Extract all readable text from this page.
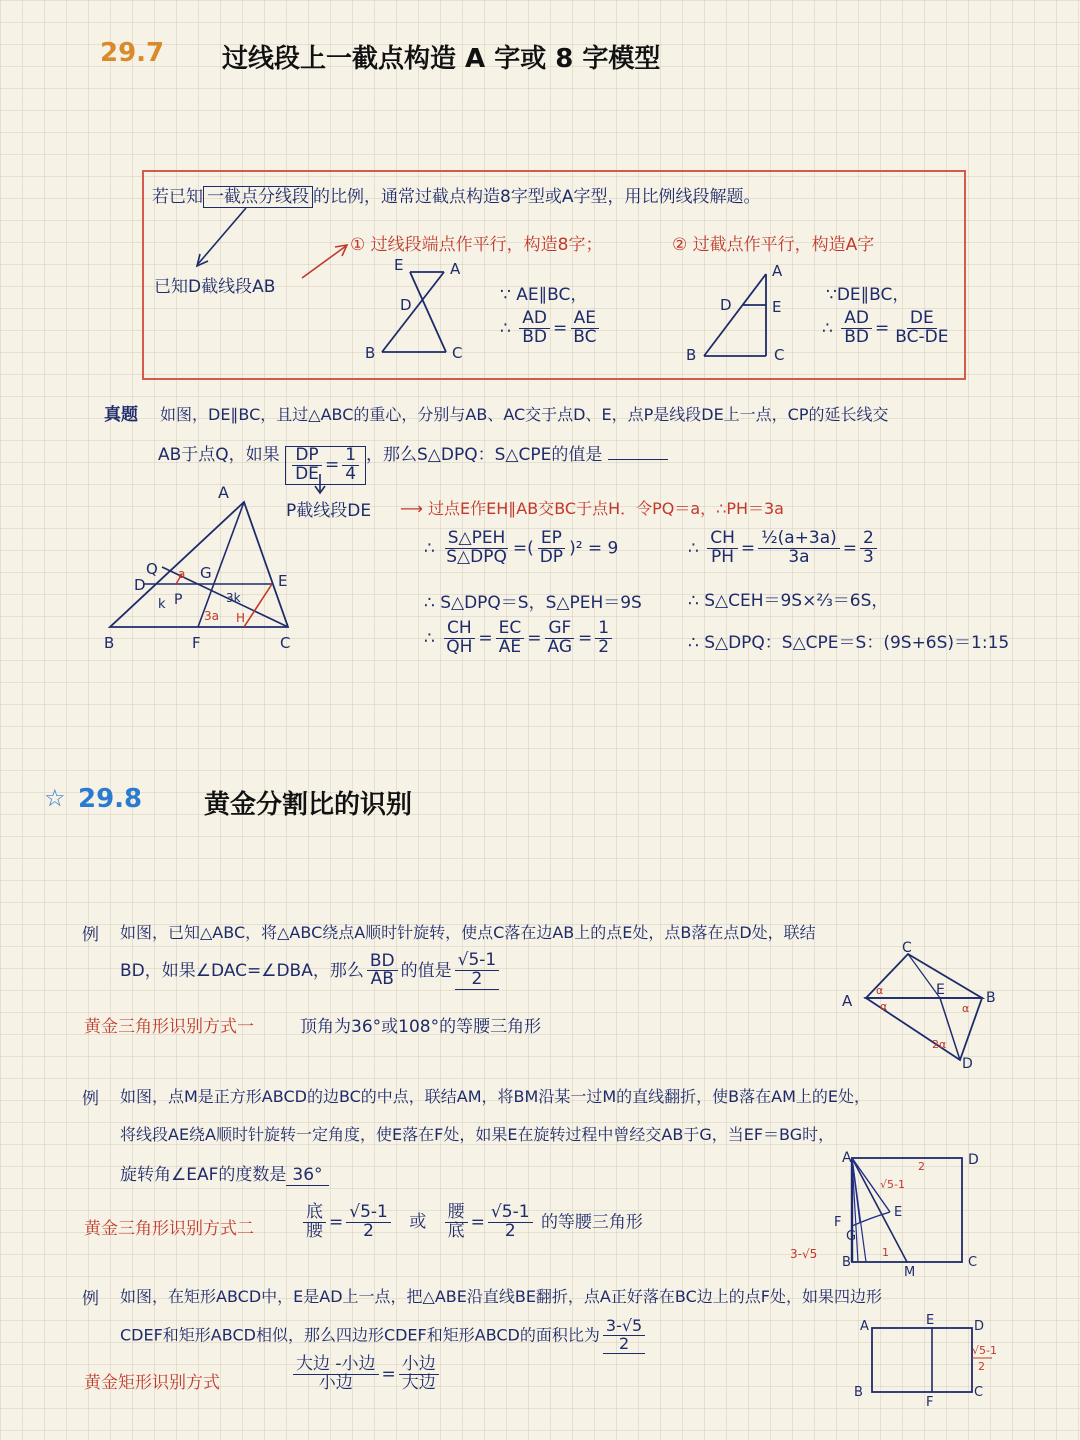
29.7 过线段上一截点构造 A 字或 8 字模型
若已知 一截点分线段 的比例，通常过截点构造8字型或A字型，用比例线段解题。
已知D截线段AB
① 过线段端点作平行，构造8字；	② 过截点作平行，构造A字
E	A
D
B	C
∵ AE∥BC，
∴ $\frac{AD}{BD} = \frac{AE}{BC}$
A
D	E
B	C
∵DE∥BC，
∴ $\frac{AD}{BD} = \frac{DE}{BC-DE}$
真题 如图，DE∥BC，且过△ABC的重心，分别与AB、AC交于点D、E，点P是线段DE上一点，CP的延长线交
AB于点Q，如果 $\frac{DP}{DE} = \frac{1}{4}$ ，那么S△DPQ：S△CPE的值是
P截线段DE ⟶ 过点E作EH∥AB交BC于点H．令PQ＝a，∴PH＝3a
∴ $\frac{\text{S△PEH}}{\text{S△DPQ}}$ =( $\frac{EP}{DP} )^2 = 9$
∴ S△DPQ＝S，S△PEH＝9S
∴ $\frac{CH}{QH} = \frac{EC}{AE} = \frac{GF}{AG} = \frac{1}{2}$
∴ $\frac{CH}{PH} = \frac{\text{½(a+3a)}}{3a} = \frac{2}{3}$
∴ S△CEH＝9S×⅔＝6S，
∴ S△DPQ：S△CPE＝S：(9S+6S)＝1:15
A
Q	G
D	E
P
k	3k
3a H
a
B	F	C
☆ 29.8 黄金分割比的识别
例 如图，已知△ABC，将△ABC绕点A顺时针旋转，使点C落在边AB上的点E处，点B落在点D处，联结
BD，如果∠DAC=∠DBA，那么 $\frac{BD}{AB}$ 的值是 $\frac{√5-1}{2}$
黄金三角形识别方式一	顶角为36°或108°的等腰三角形
C
A
E	B
D
α
α	α
2α
例 如图，点M是正方形ABCD的边BC的中点，联结AM，将BM沿某一过M的直线翻折，使B落在AM上的E处，
将线段AE绕A顺时针旋转一定角度，使E落在F处，如果E在旋转过程中曾经交AB于G，当EF＝BG时，
旋转角∠EAF的度数是 36°
黄金三角形识别方式二	$\frac{\text{底}}{\text{腰}} = \frac{√5-1}{2}$ 或 $\frac{\text{腰}}{\text{底}} = \frac{√5-1}{2}$ 的等腰三角形
A	D
2
√5-1
F
G
E
B
1
C
M
3-√5
例 如图，在矩形ABCD中，E是AD上一点，把△ABE沿直线BE翻折，点A正好落在BC边上的点F处，如果四边形
CDEF和矩形ABCD相似，那么四边形CDEF和矩形ABCD的面积比为 $\frac{3-√5}{2}$
黄金矩形识别方式	$\frac{\text{大边 -小边}}{\text{小边}} = \frac{\text{小边}}{\text{大边}}$
A	E	D
B
F
C
√5-1
2
